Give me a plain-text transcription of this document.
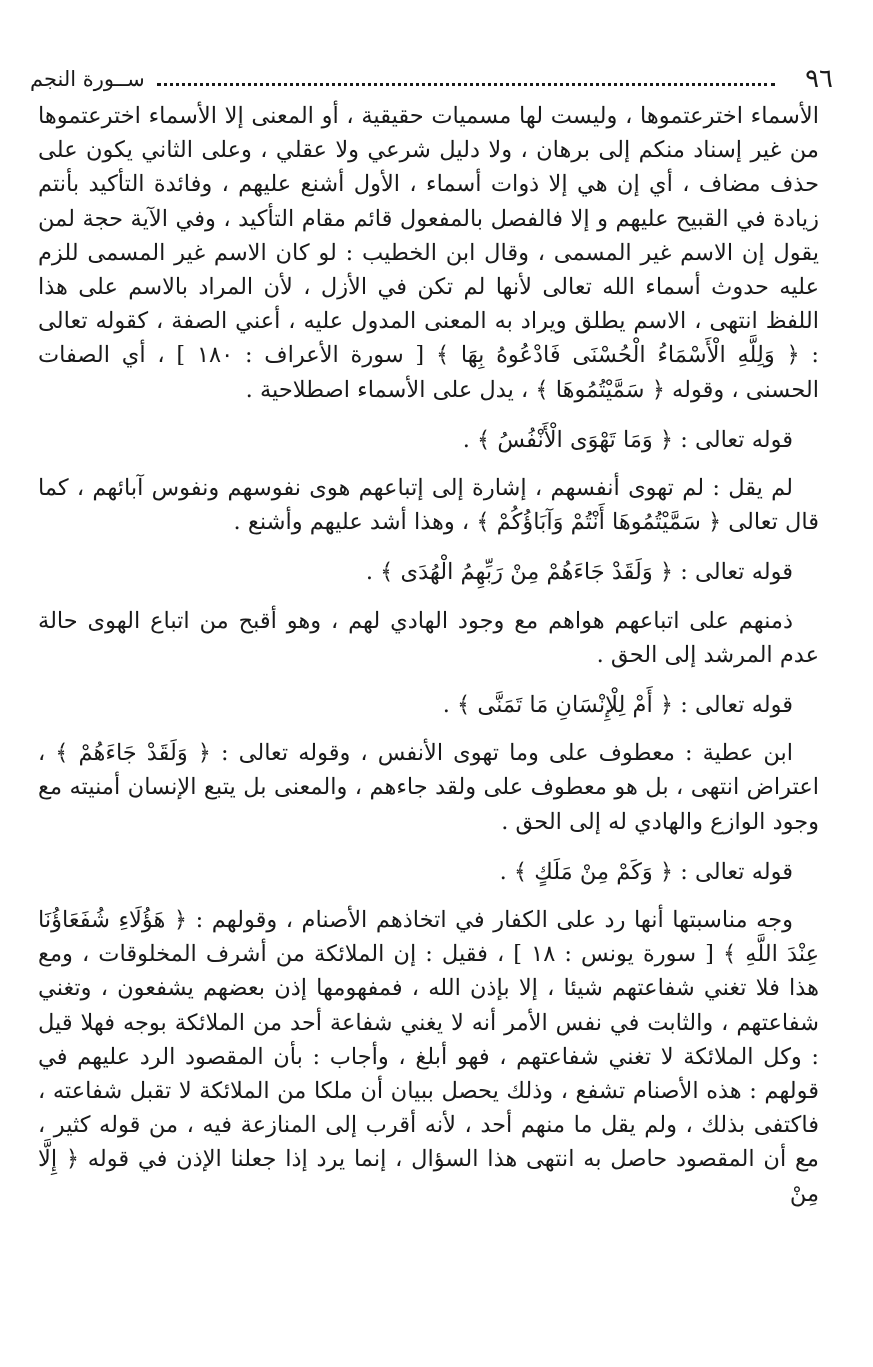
٩٦
ســورة النجم

الأسماء اخترعتموها ، وليست لها مسميات حقيقية ، أو المعنى إلا الأسماء اخترعتموها من غير إسناد منكم إلى برهان ، ولا دليل شرعي ولا عقلي ، وعلى الثاني يكون على حذف مضاف ، أي إن هي إلا ذوات أسماء ، الأول أشنع عليهم ، وفائدة التأكيد بأنتم زيادة في القبيح عليهم و إلا فالفصل بالمفعول قائم مقام التأكيد ، وفي الآية حجة لمن يقول إن الاسم غير المسمى ، وقال ابن الخطيب : لو كان الاسم غير المسمى للزم عليه حدوث أسماء الله تعالى لأنها لم تكن في الأزل ، لأن المراد بالاسم على هذا اللفظ انتهى ، الاسم يطلق ويراد به المعنى المدول عليه ، أعني الصفة ، كقوله تعالى : ﴿ وَلِلَّهِ الْأَسْمَاءُ الْحُسْنَى فَادْعُوهُ بِهَا ﴾ [ سورة الأعراف : ١٨٠ ] ، أي الصفات الحسنى ، وقوله ﴿ سَمَّيْتُمُوهَا ﴾ ، يدل على الأسماء اصطلاحية .

قوله تعالى : ﴿ وَمَا تَهْوَى الْأَنْفُسُ ﴾ .

لم يقل : لم تهوى أنفسهم ، إشارة إلى إتباعهم هوى نفوسهم ونفوس آبائهم ، كما قال تعالى ﴿ سَمَّيْتُمُوهَا أَنْتُمْ وَآبَاؤُكُمْ ﴾ ، وهذا أشد عليهم وأشنع .

قوله تعالى : ﴿ وَلَقَدْ جَاءَهُمْ مِنْ رَبِّهِمُ الْهُدَى ﴾ .

ذمنهم على اتباعهم هواهم مع وجود الهادي لهم ، وهو أقبح من اتباع الهوى حالة عدم المرشد إلى الحق .

قوله تعالى : ﴿ أَمْ لِلْإِنْسَانِ مَا تَمَنَّى ﴾ .

ابن عطية : معطوف على وما تهوى الأنفس ، وقوله تعالى : ﴿ وَلَقَدْ جَاءَهُمْ ﴾ ، اعتراض انتهى ، بل هو معطوف على ولقد جاءهم ، والمعنى بل يتبع الإنسان أمنيته مع وجود الوازع والهادي له إلى الحق .

قوله تعالى : ﴿ وَكَمْ مِنْ مَلَكٍ ﴾ .

وجه مناسبتها أنها رد على الكفار في اتخاذهم الأصنام ، وقولهم : ﴿ هَؤُلَاءِ شُفَعَاؤُنَا عِنْدَ اللَّهِ ﴾ [ سورة يونس : ١٨ ] ، فقيل : إن الملائكة من أشرف المخلوقات ، ومع هذا فلا تغني شفاعتهم شيئا ، إلا بإذن الله ، فمفهومها إذن بعضهم يشفعون ، وتغني شفاعتهم ، والثابت في نفس الأمر أنه لا يغني شفاعة أحد من الملائكة بوجه فهلا قيل : وكل الملائكة لا تغني شفاعتهم ، فهو أبلغ ، وأجاب : بأن المقصود الرد عليهم في قولهم : هذه الأصنام تشفع ، وذلك يحصل ببيان أن ملكا من الملائكة لا تقبل شفاعته ، فاكتفى بذلك ، ولم يقل ما منهم أحد ، لأنه أقرب إلى المنازعة فيه ، من قوله كثير ، مع أن المقصود حاصل به انتهى هذا السؤال ، إنما يرد إذا جعلنا الإذن في قوله ﴿ إِلَّا مِنْ
